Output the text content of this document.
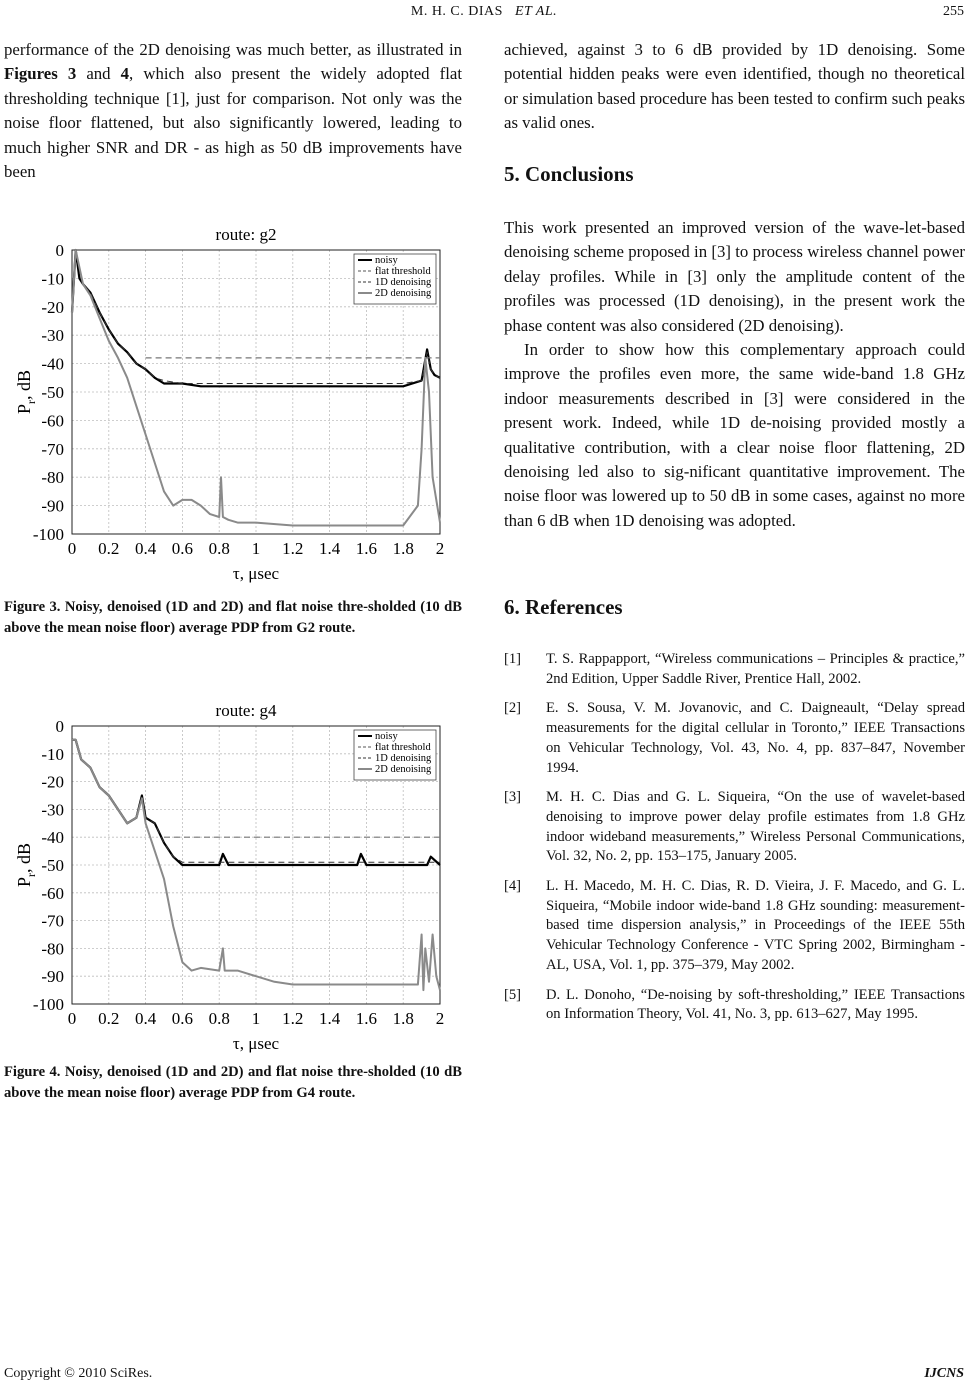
M. H. C. DIAS ET AL.	255

performance of the 2D denoising was much better, as illustrated in Figures 3 and 4, which also present the widely adopted flat thresholding technique [1], just for comparison. Not only was the noise floor flattened, but also significantly lowered, leading to much higher SNR and DR - as high as 50 dB improvements have been

route: g2
0 0.2 0.4 0.6 0.8 1 1.2 1.4 1.6 1.8 2
0
-10
-20
-30
-40
-50
-60
-70
-80
-90
-100
τ, μsec
$P_r$, dB
noisy
flat threshold
1D denoising
2D denoising
Figure 3. Noisy, denoised (1D and 2D) and flat noise thre-sholded (10 dB above the mean noise floor) average PDP from G2 route.
route: g4
0 0.2 0.4 0.6 0.8 1 1.2 1.4 1.6 1.8 2
0
-10
-20
-30
-40
-50
-60
-70
-80
-90
-100
τ, μsec
$P_r$, dB
noisy
flat threshold
1D denoising
2D denoising
Figure 4. Noisy, denoised (1D and 2D) and flat noise thre-sholded (10 dB above the mean noise floor) average PDP from G4 route.

achieved, against 3 to 6 dB provided by 1D denoising. Some potential hidden peaks were even identified, though no theoretical or simulation based procedure has been tested to confirm such peaks as valid ones.

5. Conclusions

This work presented an improved version of the wave-let-based denoising scheme proposed in [3] to process wireless channel power delay profiles. While in [3] only the amplitude content of the profiles was processed (1D denoising), in the present work the phase content was also considered (2D denoising).

In order to show how this complementary approach could improve the profiles even more, the same wide-band 1.8 GHz indoor measurements described in [3] were considered in the present work. Indeed, while 1D de-noising provided mostly a qualitative contribution, with a clear noise floor flattening, 2D denoising led also to sig-nificant quantitative improvement. The noise floor was lowered up to 50 dB in some cases, against no more than 6 dB when 1D denoising was adopted.

6. References
[1] T. S. Rappapport, “Wireless communications – Principles & practice,” 2nd Edition, Upper Saddle River, Prentice Hall, 2002.
[2] E. S. Sousa, V. M. Jovanovic, and C. Daigneault, “Delay spread measurements for the digital cellular in Toronto,” IEEE Transactions on Vehicular Technology, Vol. 43, No. 4, pp. 837–847, November 1994.
[3] M. H. C. Dias and G. L. Siqueira, “On the use of wavelet-based denoising to improve power delay profile estimates from 1.8 GHz indoor wideband measurements,” Wireless Personal Communications, Vol. 32, No. 2, pp. 153–175, January 2005.
[4] L. H. Macedo, M. H. C. Dias, R. D. Vieira, J. F. Macedo, and G. L. Siqueira, “Mobile indoor wide-band 1.8 GHz sounding: measurement-based time dispersion analysis,” in Proceedings of the IEEE 55th Vehicular Technology Conference - VTC Spring 2002, Birmingham - AL, USA, Vol. 1, pp. 375–379, May 2002.
[5] D. L. Donoho, “De-noising by soft-thresholding,” IEEE Transactions on Information Theory, Vol. 41, No. 3, pp. 613–627, May 1995.
Copyright © 2010 SciRes.	IJCNS
